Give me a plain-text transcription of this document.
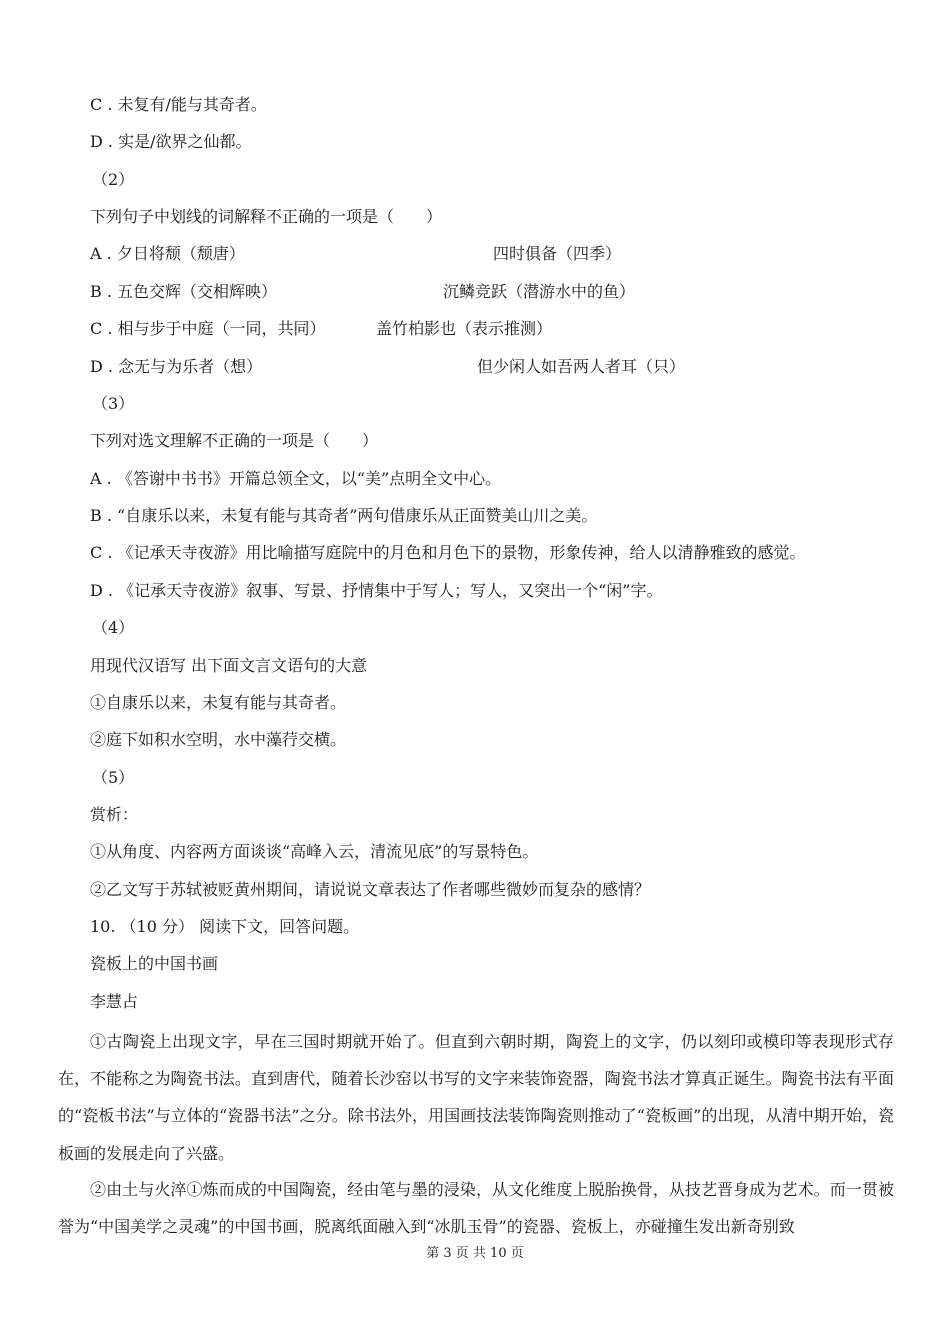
C . 未复有/能与其奇者。
D . 实是/欲界之仙都。
（2）
下列句子中划线的词解释不正确的一项是（　　）
A . 夕日将颓（颓唐）	四时俱备（四季）
B . 五色交辉（交相辉映）	沉鳞竞跃（潜游水中的鱼）
C . 相与步于中庭（一同，共同）	盖竹柏影也（表示推测）
D . 念无与为乐者（想）	但少闲人如吾两人者耳（只）
（3）
下列对选文理解不正确的一项是（　　）
A . 《答谢中书书》开篇总领全文，以“美”点明全文中心。
B . “自康乐以来，未复有能与其奇者”两句借康乐从正面赞美山川之美。
C . 《记承天寺夜游》用比喻描写庭院中的月色和月色下的景物，形象传神，给人以清静雅致的感觉。
D . 《记承天寺夜游》叙事、写景、抒情集中于写人；写人，又突出一个“闲”字。
（4）
用现代汉语写 出下面文言文语句的大意
①自康乐以来，未复有能与其奇者。
②庭下如积水空明，水中藻荇交横。
（5）
赏析：
①从角度、内容两方面谈谈“高峰入云，清流见底”的写景特色。
②乙文写于苏轼被贬黄州期间，请说说文章表达了作者哪些微妙而复杂的感情？
10. （10 分） 阅读下文，回答问题。
瓷板上的中国书画
李慧占
①古陶瓷上出现文字，早在三国时期就开始了。但直到六朝时期，陶瓷上的文字，仍以刻印或模印等表现形式存在，不能称之为陶瓷书法。直到唐代，随着长沙窑以书写的文字来装饰瓷器，陶瓷书法才算真正诞生。陶瓷书法有平面的“瓷板书法”与立体的“瓷器书法”之分。除书法外，用国画技法装饰陶瓷则推动了“瓷板画”的出现，从清中期开始，瓷板画的发展走向了兴盛。
②由土与火淬①炼而成的中国陶瓷，经由笔与墨的浸染，从文化维度上脱胎换骨，从技艺晋身成为艺术。而一贯被誉为“中国美学之灵魂”的中国书画，脱离纸面融入到“冰肌玉骨”的瓷器、瓷板上，亦碰撞生发出新奇别致
第 3 页 共 10 页
